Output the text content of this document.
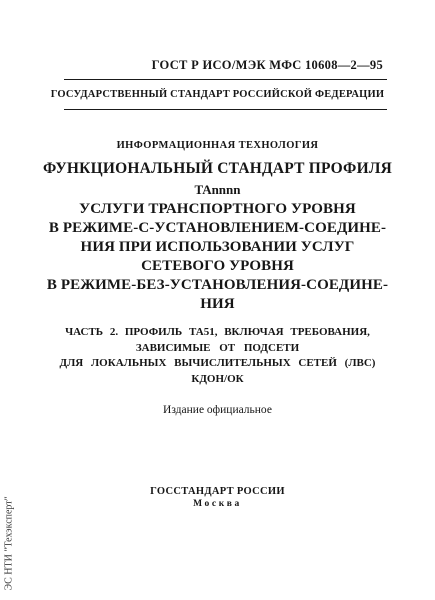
ГОСТ Р ИСО/МЭК МФС 10608—2—95
ГОСУДАРСТВЕННЫЙ СТАНДАРТ РОССИЙСКОЙ ФЕДЕРАЦИИ
ИНФОРМАЦИОННАЯ ТЕХНОЛОГИЯ
ФУНКЦИОНАЛЬНЫЙ СТАНДАРТ ПРОФИЛЯ
TAnnnn
УСЛУГИ ТРАНСПОРТНОГО УРОВНЯ
В РЕЖИМЕ-С-УСТАНОВЛЕНИЕМ-СОЕДИНЕ-
НИЯ ПРИ ИСПОЛЬЗОВАНИИ УСЛУГ
СЕТЕВОГО УРОВНЯ
В РЕЖИМЕ-БЕЗ-УСТАНОВЛЕНИЯ-СОЕДИНЕ-
НИЯ
ЧАСТЬ 2. ПРОФИЛЬ ТА51, ВКЛЮЧАЯ ТРЕБОВАНИЯ,
ЗАВИСИМЫЕ ОТ ПОДСЕТИ
ДЛЯ ЛОКАЛЬНЫХ ВЫЧИСЛИТЕЛЬНЫХ СЕТЕЙ (ЛВС)
КДОН/ОК
Издание официальное
ГОССТАНДАРТ РОССИИ
Москва
ЭС НТИ "Техэксперт"
